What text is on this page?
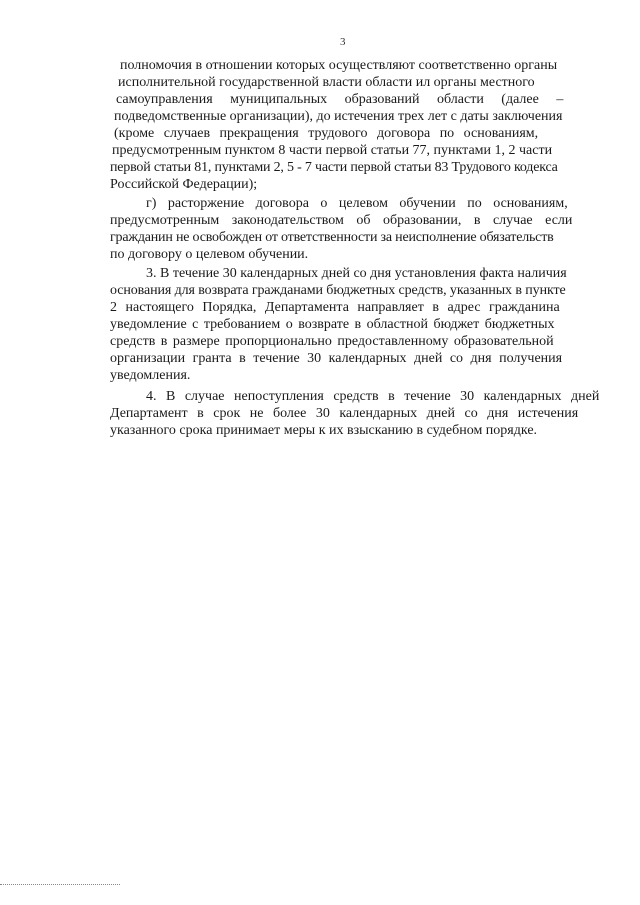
3
полномочия в отношении которых осуществляют соответственно органы
исполнительной государственной власти области ил органы местного
самоуправления муниципальных образований области (далее –
подведомственные организации), до истечения трех лет с даты заключения
(кроме случаев прекращения трудового договора по основаниям,
предусмотренным пунктом 8 части первой статьи 77, пунктами 1, 2 части
первой статьи 81, пунктами 2, 5 - 7 части первой статьи 83 Трудового кодекса
Российской Федерации);
г) расторжение договора о целевом обучении по основаниям,
предусмотренным законодательством об образовании, в случае если
гражданин не освобожден от ответственности за неисполнение обязательств
по договору о целевом обучении.
3. В течение 30 календарных дней со дня установления факта наличия
основания для возврата гражданами бюджетных средств, указанных в пункте
2 настоящего Порядка, Департамента направляет в адрес гражданина
уведомление с требованием о возврате в областной бюджет бюджетных
средств в размере пропорционально предоставленному образовательной
организации гранта в течение 30 календарных дней со дня получения
уведомления.
4. В случае непоступления средств в течение 30 календарных дней
Департамент в срок не более 30 календарных дней со дня истечения
указанного срока принимает меры к их взысканию в судебном порядке.
